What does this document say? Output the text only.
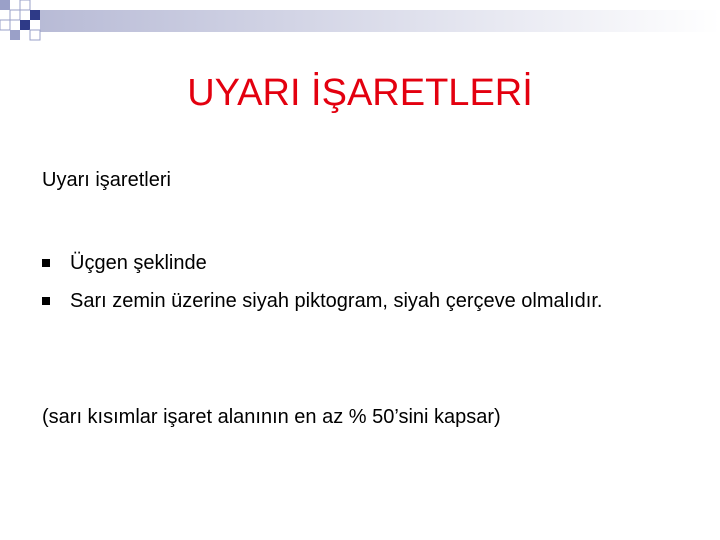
UYARI İŞARETLERİ
Uyarı işaretleri
Üçgen şeklinde
Sarı zemin üzerine siyah piktogram, siyah çerçeve olmalıdır.
(sarı kısımlar işaret alanının en az % 50’sini kapsar)
